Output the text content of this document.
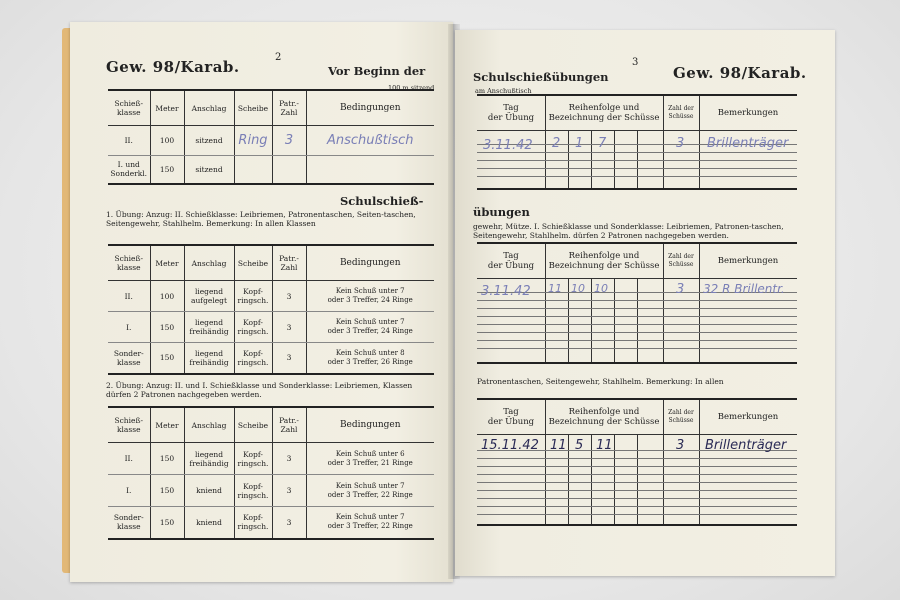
Gew. 98/Karab.
2
Vor Beginn der
100 m sitzend
Schieß-
klasse	Meter	Anschlag	Scheibe	Patr.-
Zahl	Bedingungen
II.	100	sitzend	Ring	3	Anschußtisch
I. und
Sonderkl.	150	sitzend			
Schulschieß-
1. Übung: Anzug: II. Schießklasse: Leibriemen, Patronentaschen, Seiten-taschen, Seitengewehr, Stahlhelm. Bemerkung: In allen Klassen
Schieß-
klasse	Meter	Anschlag	Scheibe	Patr.-
Zahl	Bedingungen
II.	100	liegend
aufgelegt	Kopf-
ringsch.	3	Kein Schuß unter 7
oder 3 Treffer, 24 Ringe
I.	150	liegend
freihändig	Kopf-
ringsch.	3	Kein Schuß unter 7
oder 3 Treffer, 24 Ringe
Sonder-
klasse	150	liegend
freihändig	Kopf-
ringsch.	3	Kein Schuß unter 8
oder 3 Treffer, 26 Ringe
2. Übung: Anzug: II. und I. Schießklasse und Sonderklasse: Leibriemen, Klassen dürfen 2 Patronen nachgegeben werden.
Schieß-
klasse	Meter	Anschlag	Scheibe	Patr.-
Zahl	Bedingungen
II.	150	liegend
freihändig	Kopf-
ringsch.	3	Kein Schuß unter 6
oder 3 Treffer, 21 Ringe
I.	150	kniend	Kopf-
ringsch.	3	Kein Schuß unter 7
oder 3 Treffer, 22 Ringe
Sonder-
klasse	150	kniend	Kopf-
ringsch.	3	Kein Schuß unter 7
oder 3 Treffer, 22 Ringe
3
Schulschießübungen	Gew. 98/Karab.
am Anschußtisch
Tag
der Übung
Reihenfolge und
Bezeichnung der Schüsse
Zahl der
Schüsse	Bemerkungen
3.11.42 2 1 7	3 Brillenträger
übungen
gewehr, Mütze. I. Schießklasse und Sonderklasse: Leibriemen, Patronen-taschen, Seitengewehr, Stahlhelm. dürfen 2 Patronen nachgegeben werden.
Tag
der Übung
Reihenfolge und
Bezeichnung der Schüsse
Zahl der
Schüsse	Bemerkungen
3.11.42 11 10 10	3 32 R Brillentr.
Patronentaschen, Seitengewehr, Stahlhelm. Bemerkung: In allen
Tag
der Übung
Reihenfolge und
Bezeichnung der Schüsse
Zahl der
Schüsse	Bemerkungen
15.11.42 11 5 11	3 Brillenträger
